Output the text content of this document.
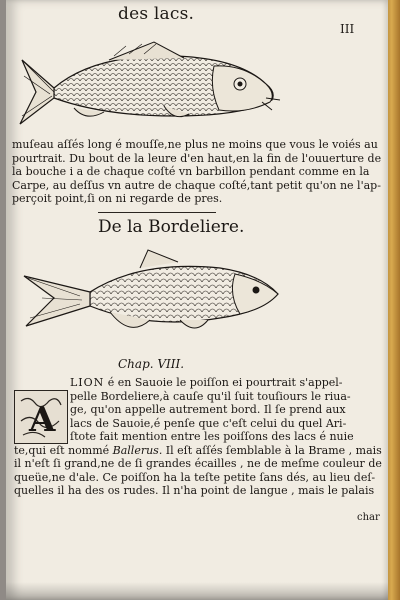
des lacs.
III
muſeau aſſés long é mouſſe,ne plus ne moins que vous le voiés au
pourtrait. Du bout de la leure d'en haut,en la fin de l'ouuerture de
la bouche i a de chaque coſté vn barbillon pendant comme en la
Carpe, au deſſus vn autre de chaque coſté,tant petit qu'on ne l'ap-
perçoit point,ſi on ni regarde de pres.
De la Bordeliere.
Chap. VIII.
A
LION é en Sauoie le poiſſon ei pourtrait s'appel-
pelle Bordeliere,à cauſe qu'il ſuit touſiours le riua-
ge, qu'on appelle autrement bord. Il ſe prend aux
lacs de Sauoie,é penſe que c'eſt celui du quel Ari-
ſtote fait mention entre les poiſſons des lacs é nuie
te,qui eſt nommé Ballerus. Il eſt aſſés ſemblable à la Brame , mais
il n'eſt ſi grand,ne de ſi grandes écailles , ne de meſme couleur de
queüe,ne d'ale. Ce poiſſon ha la teſte petite ſans dés, au lieu deſ-
quelles il ha des os rudes. Il n'ha point de langue , mais le palais
char
